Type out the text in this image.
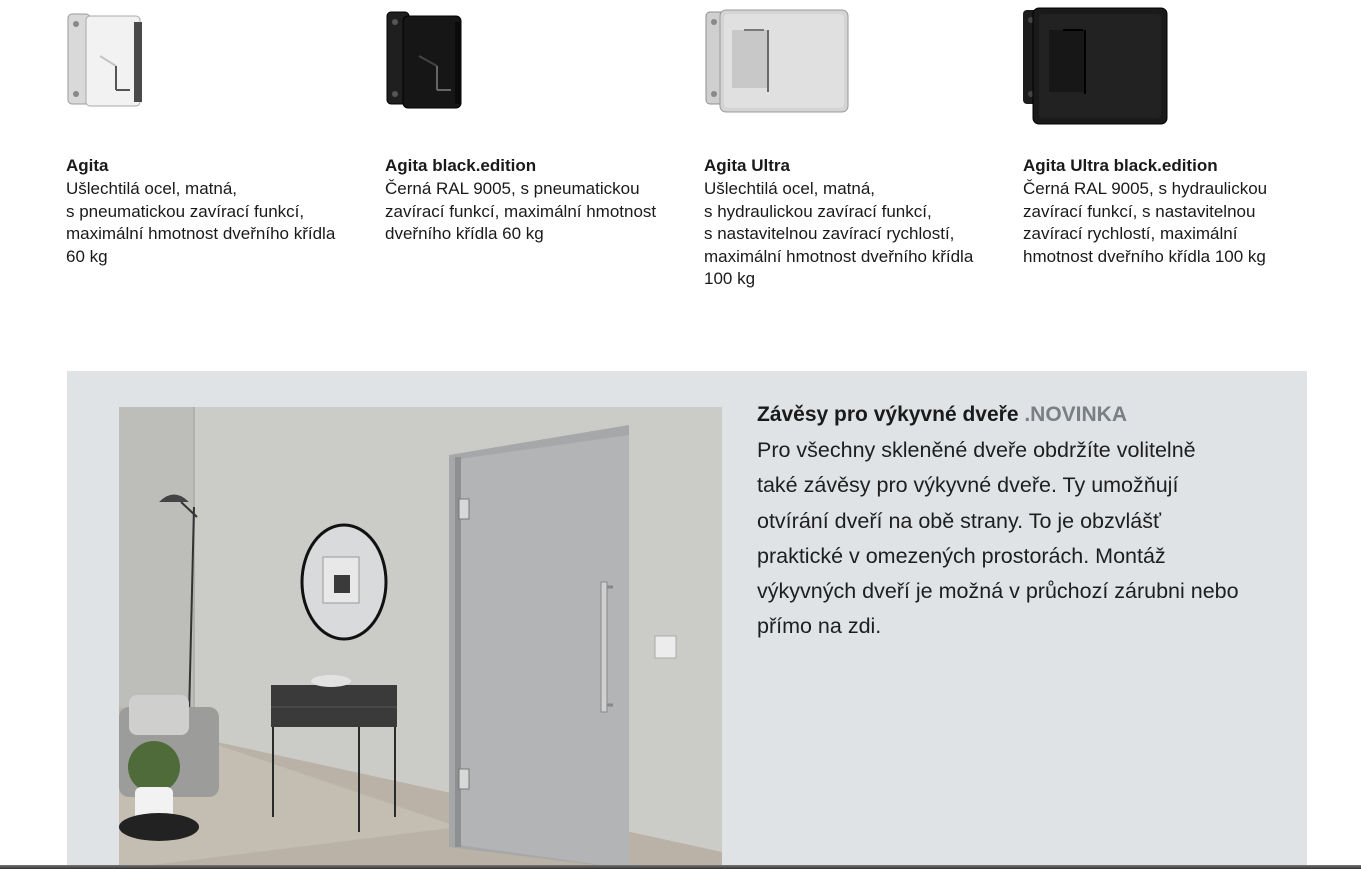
Agita
Ušlechtilá ocel, matná,
s pneumatickou zavírací funkcí,
maximální hmotnost dveřního křídla
60 kg
Agita black.edition
Černá RAL 9005, s pneumatickou
zavírací funkcí, maximální hmotnost
dveřního křídla 60 kg
Agita Ultra
Ušlechtilá ocel, matná,
s hydraulickou zavírací funkcí,
s nastavitelnou zavírací rychlostí,
maximální hmotnost dveřního křídla
100 kg
Agita Ultra black.edition
Černá RAL 9005, s hydraulickou
zavírací funkcí, s nastavitelnou
zavírací rychlostí, maximální
hmotnost dveřního křídla 100 kg
Závěsy pro výkyvné dveře .NOVINKA
Pro všechny skleněné dveře obdržíte volitelně
také závěsy pro výkyvné dveře. Ty umožňují
otvírání dveří na obě strany. To je obzvlášť
praktické v omezených prostorách. Montáž
výkyvných dveří je možná v průchozí zárubni nebo
přímo na zdi.
